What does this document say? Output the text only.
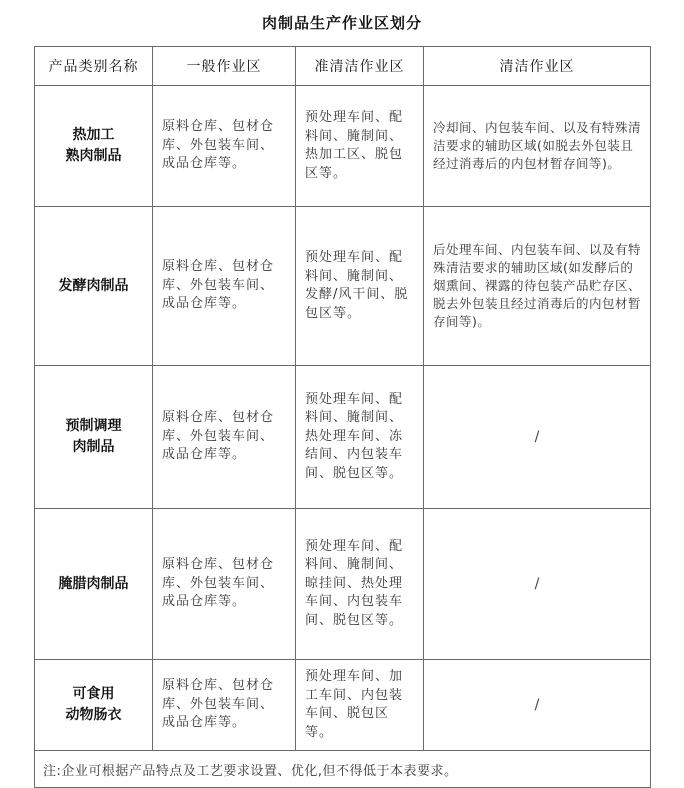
肉制品生产作业区划分
产品类别名称	一般作业区	准清洁作业区	清洁作业区

热加工
熟肉制品	原料仓库、包材仓库、外包装车间、成品仓库等。	预处理车间、配料间、腌制间、热加工区、脱包区等。	冷却间、内包装车间、以及有特殊清洁要求的辅助区域(如脱去外包装且经过消毒后的内包材暂存间等)。

发酵肉制品	原料仓库、包材仓库、外包装车间、成品仓库等。	预处理车间、配料间、腌制间、发酵/风干间、脱包区等。	后处理车间、内包装车间、以及有特殊清洁要求的辅助区域(如发酵后的烟熏间、裸露的待包装产品贮存区、脱去外包装且经过消毒后的内包材暂存间等)。

预制调理
肉制品	原料仓库、包材仓库、外包装车间、成品仓库等。	预处理车间、配料间、腌制间、热处理车间、冻结间、内包装车间、脱包区等。	/

腌腊肉制品	原料仓库、包材仓库、外包装车间、成品仓库等。	预处理车间、配料间、腌制间、晾挂间、热处理车间、内包装车间、脱包区等。	/

可食用
动物肠衣	原料仓库、包材仓库、外包装车间、成品仓库等。	预处理车间、加工车间、内包装车间、脱包区等。	/
注:企业可根据产品特点及工艺要求设置、优化,但不得低于本表要求。			
